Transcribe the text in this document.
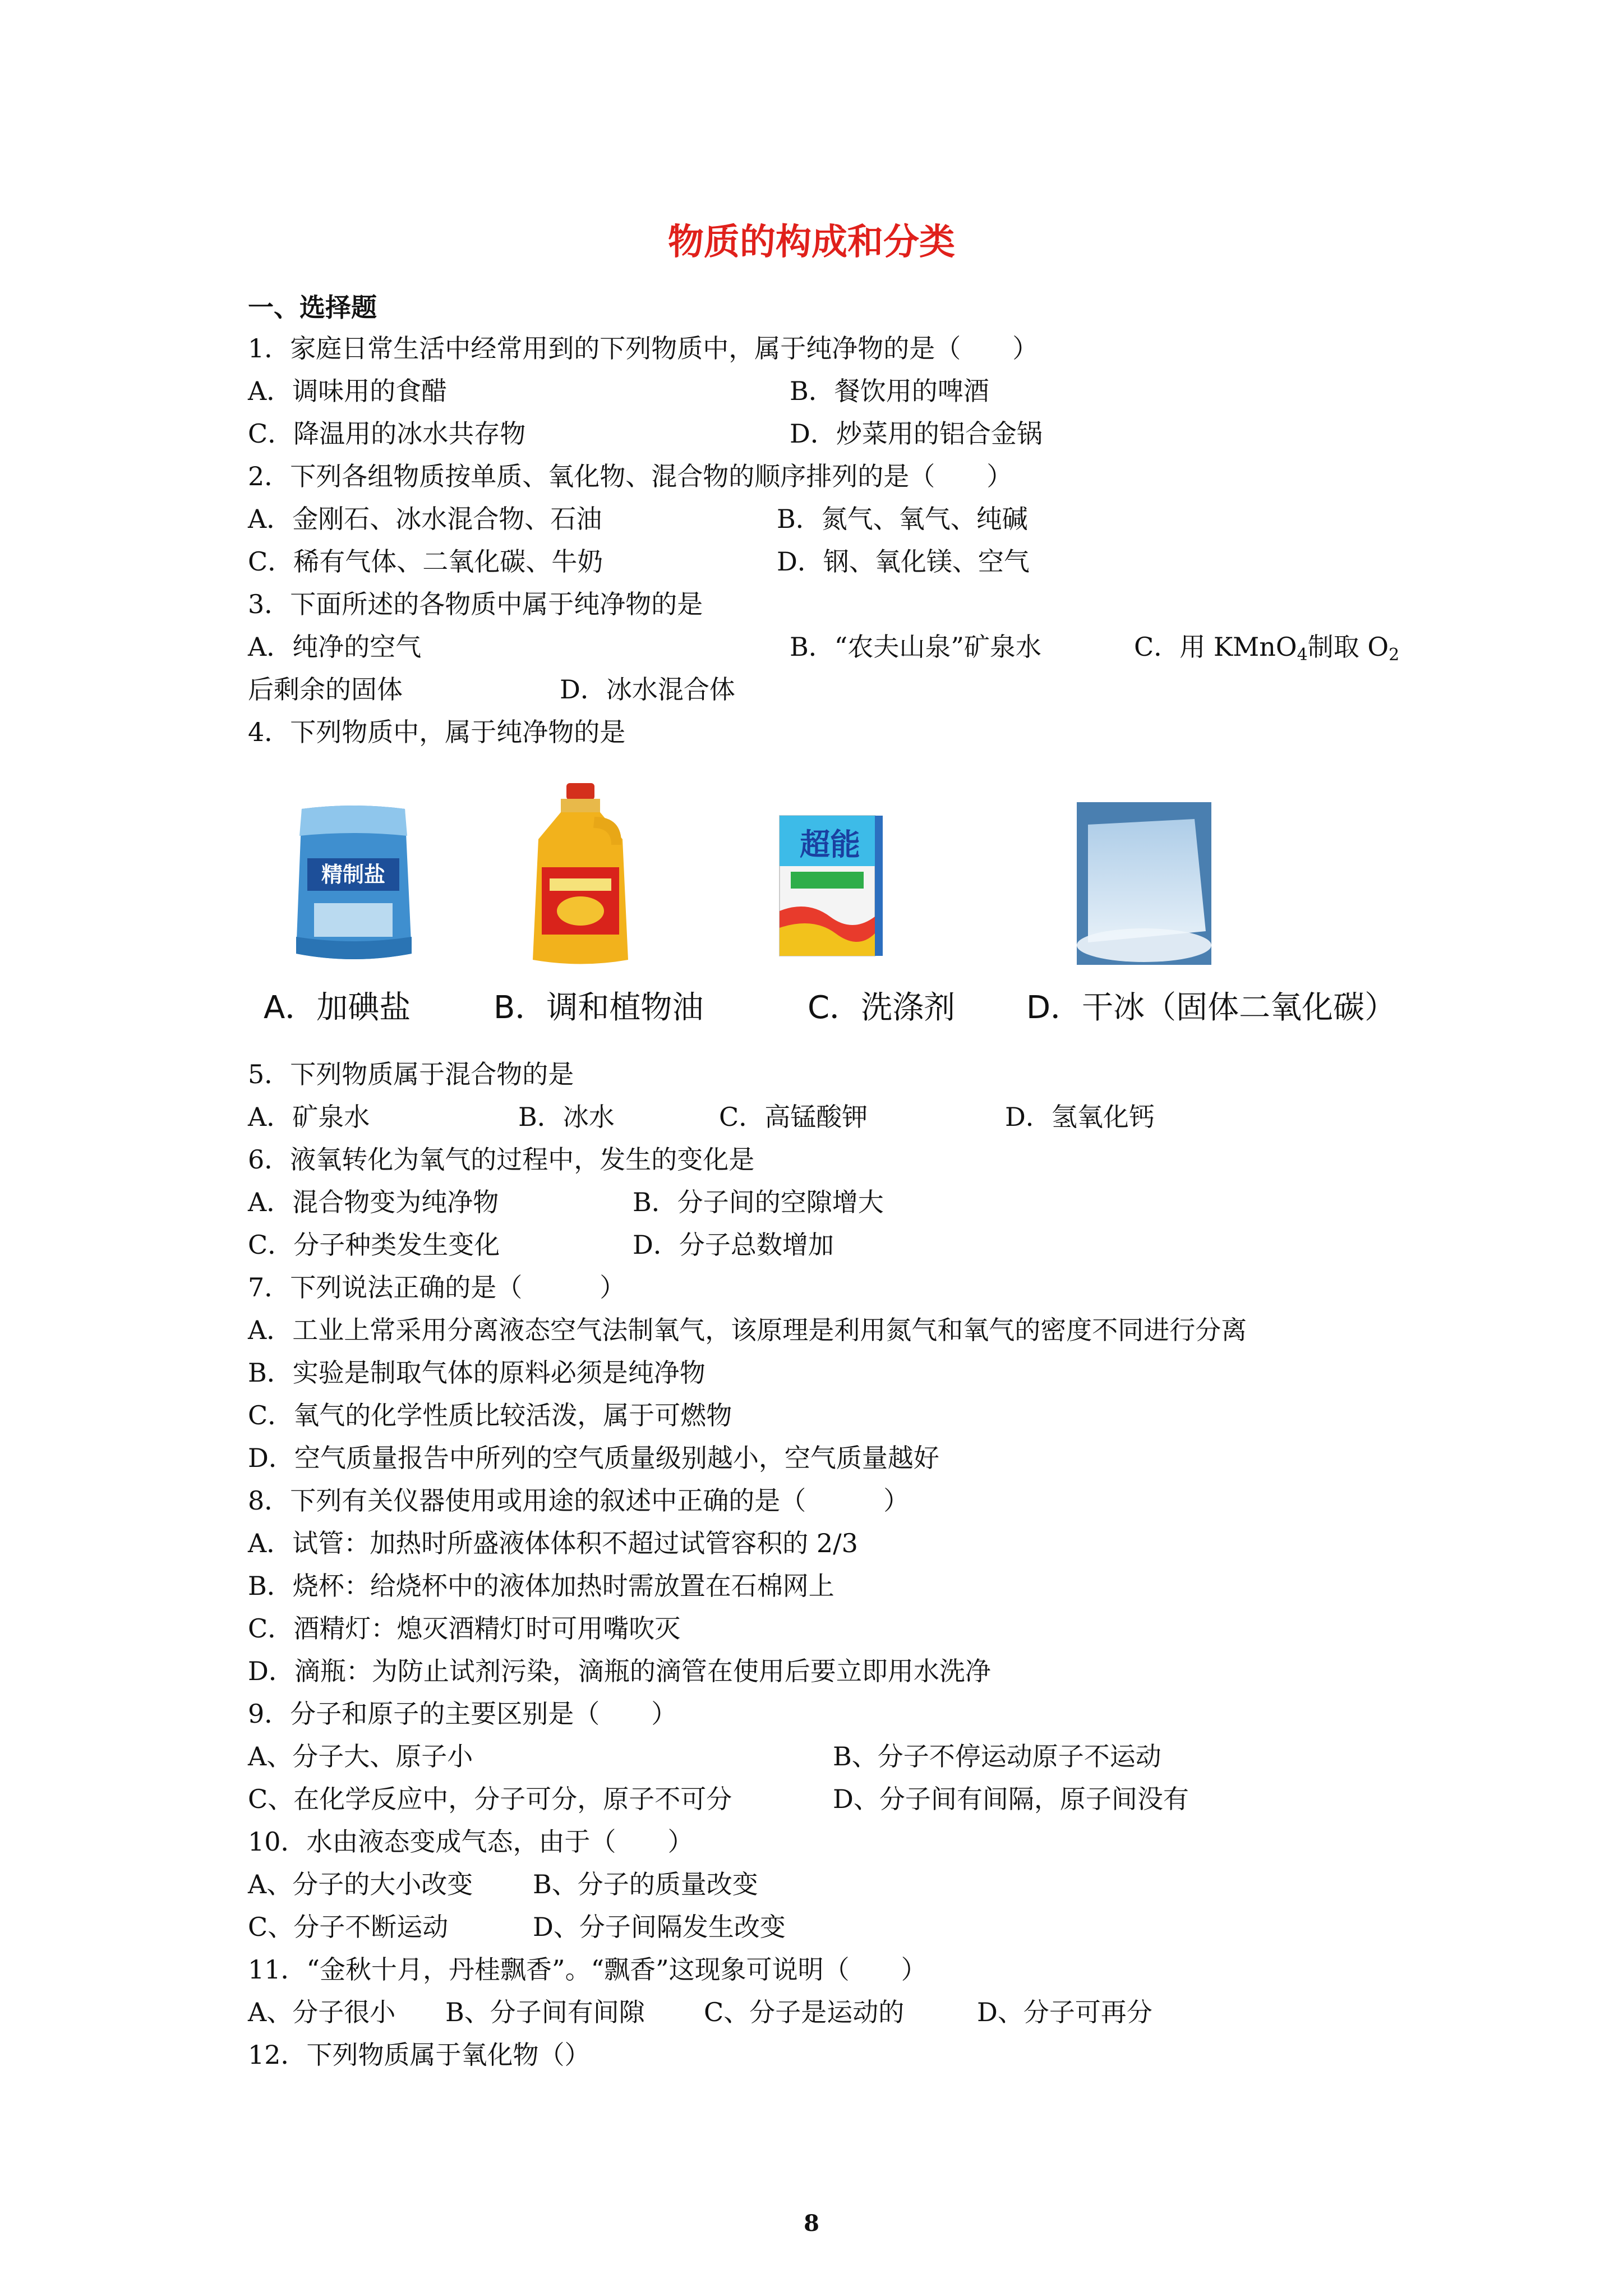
物质的构成和分类
一、选择题
1．家庭日常生活中经常用到的下列物质中，属于纯净物的是（　　）
A．调味用的食醋	B．餐饮用的啤酒
C．降温用的冰水共存物	D．炒菜用的铝合金锅
2．下列各组物质按单质、氧化物、混合物的顺序排列的是（　　）
A．金刚石、冰水混合物、石油	B．氮气、氧气、纯碱
C．稀有气体、二氧化碳、牛奶	D．钢、氧化镁、空气
3．下面所述的各物质中属于纯净物的是
A．纯净的空气	B．“农夫山泉”矿泉水	C．用 KMnO$_4$制取 $O_2$
后剩余的固体	D．冰水混合体
4．下列物质中，属于纯净物的是
精制盐
超能
A．加碘盐	B．调和植物油	C．洗涤剂 D．干冰（固体二氧化碳）
5．下列物质属于混合物的是
A．矿泉水	B．冰水	C．高锰酸钾	D．氢氧化钙
6．液氧转化为氧气的过程中，发生的变化是
A．混合物变为纯净物	B．分子间的空隙增大
C．分子种类发生变化	D．分子总数增加
7．下列说法正确的是（　　　）
A．工业上常采用分离液态空气法制氧气，该原理是利用氮气和氧气的密度不同进行分离
B．实验是制取气体的原料必须是纯净物
C．氧气的化学性质比较活泼，属于可燃物
D．空气质量报告中所列的空气质量级别越小，空气质量越好
8．下列有关仪器使用或用途的叙述中正确的是（　　　）
A．试管：加热时所盛液体体积不超过试管容积的 2/3
B．烧杯：给烧杯中的液体加热时需放置在石棉网上
C．酒精灯：熄灭酒精灯时可用嘴吹灭
D．滴瓶：为防止试剂污染，滴瓶的滴管在使用后要立即用水洗净
9．分子和原子的主要区别是（　　）
A、分子大、原子小	B、分子不停运动原子不运动
C、在化学反应中，分子可分，原子不可分	D、分子间有间隔，原子间没有
10．水由液态变成气态，由于（　　）
A、分子的大小改变 B、分子的质量改变
C、分子不断运动	D、分子间隔发生改变
11．“金秋十月，丹桂飘香”。“飘香”这现象可说明（　　）
A、分子很小 B、分子间有间隙 C、分子是运动的	D、分子可再分
12．下列物质属于氧化物（）
8
